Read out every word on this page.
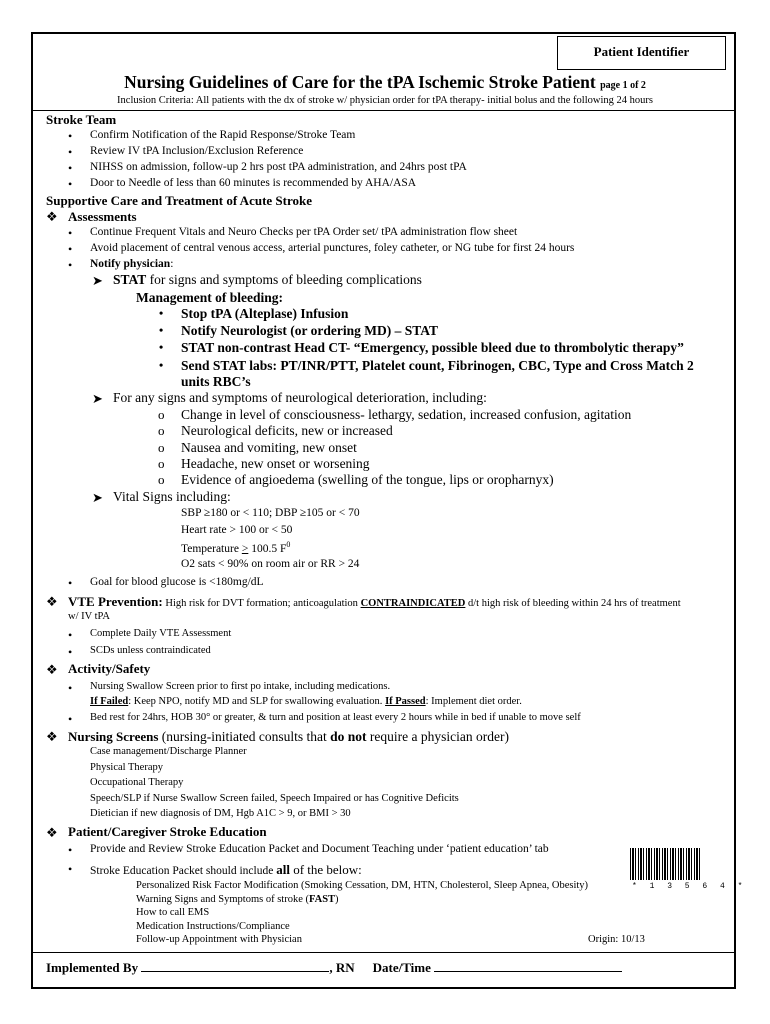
Patient Identifier
Nursing Guidelines of Care for the tPA Ischemic Stroke Patient page 1 of 2
Inclusion Criteria: All patients with the dx of stroke w/ physician order for tPA therapy- initial bolus and the following 24 hours
Stroke Team
• Confirm Notification of the Rapid Response/Stroke Team
• Review IV tPA Inclusion/Exclusion Reference
• NIHSS on admission, follow-up 2 hrs post tPA administration, and 24hrs post tPA
• Door to Needle of less than 60 minutes is recommended by AHA/ASA
Supportive Care and Treatment of Acute Stroke
❖ Assessments
• Continue Frequent Vitals and Neuro Checks per tPA Order set/ tPA administration flow sheet
• Avoid placement of central venous access, arterial punctures, foley catheter, or NG tube for first 24 hours
• Notify physician:
➤ STAT for signs and symptoms of bleeding complications
Management of bleeding:
• Stop tPA (Alteplase) Infusion
• Notify Neurologist (or ordering MD) – STAT
• STAT non-contrast Head CT- “Emergency, possible bleed due to thrombolytic therapy”
• Send STAT labs: PT/INR/PTT, Platelet count, Fibrinogen, CBC, Type and Cross Match 2
units RBC’s
➤ For any signs and symptoms of neurological deterioration, including:
o Change in level of consciousness- lethargy, sedation, increased confusion, agitation
o Neurological deficits, new or increased
o Nausea and vomiting, new onset
o Headache, new onset or worsening
o Evidence of angioedema (swelling of the tongue, lips or oropharnyx)
➤ Vital Signs including:
SBP ≥180 or < 110; DBP ≥105 or < 70
Heart rate > 100 or < 50
Temperature > 100.5 $F^0$
O2 sats < 90% on room air or RR > 24
• Goal for blood glucose is <180mg/dL
❖ VTE Prevention: High risk for DVT formation; anticoagulation CONTRAINDICATED d/t high risk of bleeding within 24 hrs of treatment
w/ IV tPA
• Complete Daily VTE Assessment
• SCDs unless contraindicated
❖ Activity/Safety
• Nursing Swallow Screen prior to first po intake, including medications.
If Failed: Keep NPO, notify MD and SLP for swallowing evaluation. If Passed: Implement diet order.
• Bed rest for 24hrs, HOB 30° or greater, & turn and position at least every 2 hours while in bed if unable to move self
❖ Nursing Screens (nursing-initiated consults that do not require a physician order)
Case management/Discharge Planner
Physical Therapy
Occupational Therapy
Speech/SLP if Nurse Swallow Screen failed, Speech Impaired or has Cognitive Deficits
Dietician if new diagnosis of DM, Hgb A1C > 9, or BMI > 30
❖ Patient/Caregiver Stroke Education
• Provide and Review Stroke Education Packet and Document Teaching under ‘patient education’ tab
• Stroke Education Packet should include all of the below:
Personalized Risk Factor Modification (Smoking Cessation, DM, HTN, Cholesterol, Sleep Apnea, Obesity)
Warning Signs and Symptoms of stroke (FAST)
How to call EMS
Medication Instructions/Compliance
Follow-up Appointment with Physician
* 1 3 5 6 4 *
Origin: 10/13
Implemented By	, RN Date/Time
